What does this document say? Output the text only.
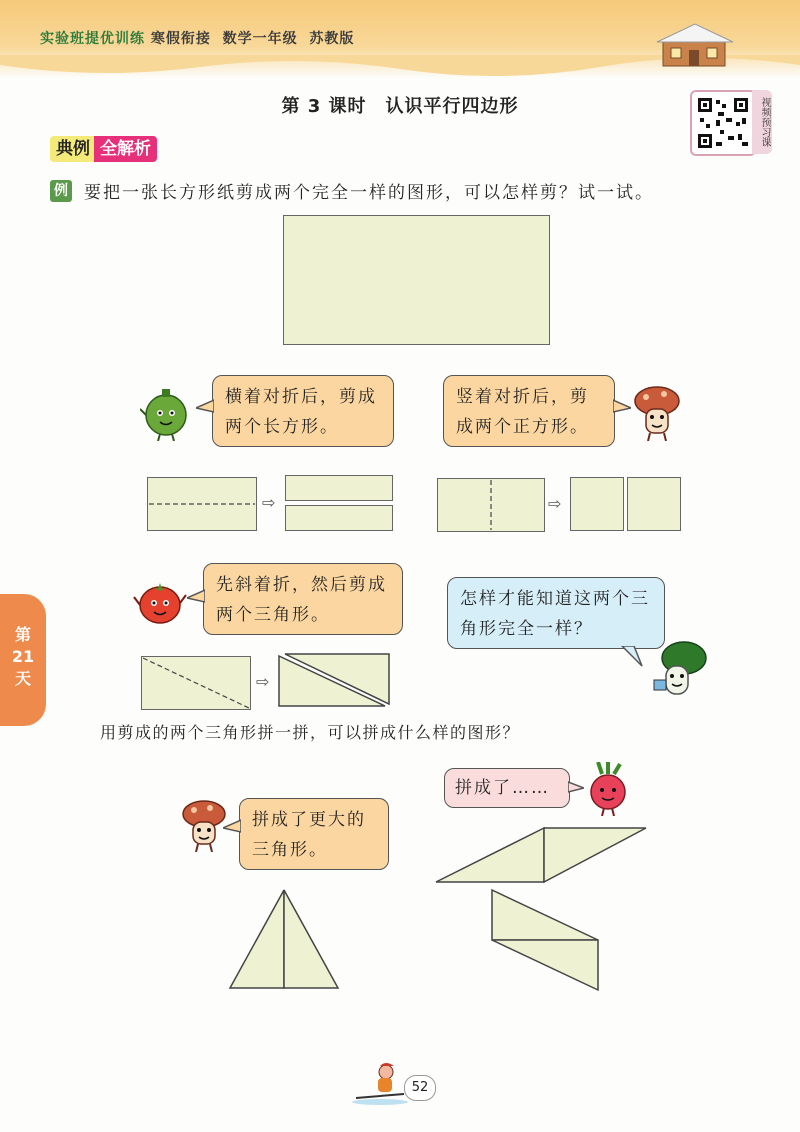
实验班提优训练 寒假衔接 数学一年级 苏教版
第 3 课时　认识平行四边形	视频预习课
典例 全解析
例 要把一张长方形纸剪成两个完全一样的图形，可以怎样剪？试一试。
横着对折后，剪成两个长方形。
竖着对折后，剪成两个正方形。
⇨	⇨
先斜着折，然后剪成两个三角形。
怎样才能知道这两个三角形完全一样？
⇨
第
21
天
用剪成的两个三角形拼一拼，可以拼成什么样的图形？
拼成了……
拼成了更大的三角形。
52
